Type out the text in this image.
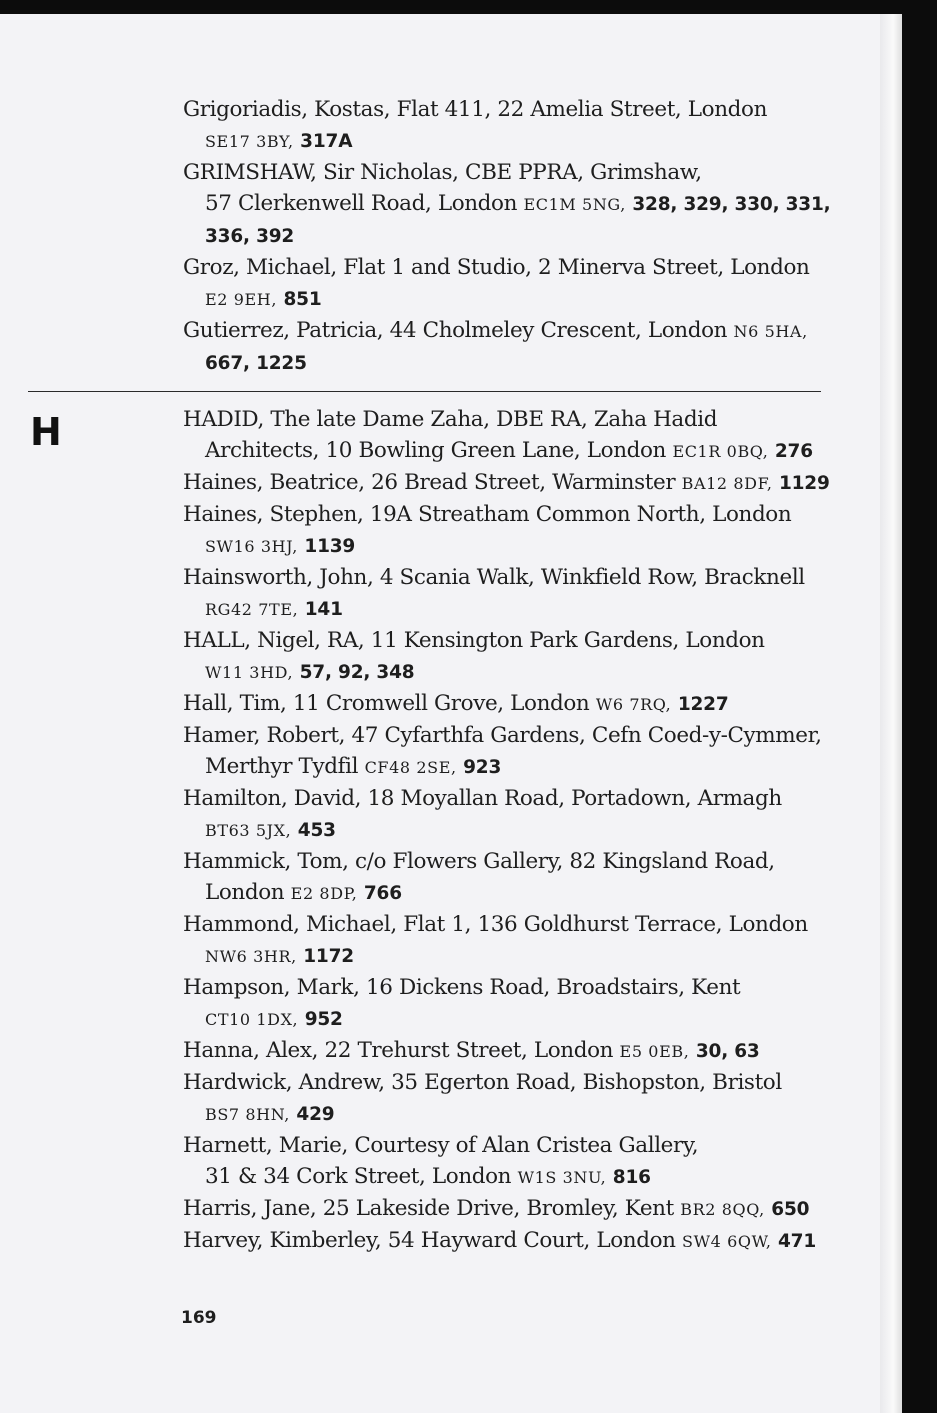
H
Grigoriadis, Kostas, Flat 411, 22 Amelia Street, London
SE17 3BY, 317A
GRIMSHAW, Sir Nicholas, CBE PPRA, Grimshaw,
57 Clerkenwell Road, London EC1M 5NG, 328, 329, 330, 331,
336, 392
Groz, Michael, Flat 1 and Studio, 2 Minerva Street, London
E2 9EH, 851
Gutierrez, Patricia, 44 Cholmeley Crescent, London N6 5HA,
667, 1225
HADID, The late Dame Zaha, DBE RA, Zaha Hadid
Architects, 10 Bowling Green Lane, London EC1R 0BQ, 276
Haines, Beatrice, 26 Bread Street, Warminster BA12 8DF, 1129
Haines, Stephen, 19A Streatham Common North, London
SW16 3HJ, 1139
Hainsworth, John, 4 Scania Walk, Winkfield Row, Bracknell
RG42 7TE, 141
HALL, Nigel, RA, 11 Kensington Park Gardens, London
W11 3HD, 57, 92, 348
Hall, Tim, 11 Cromwell Grove, London W6 7RQ, 1227
Hamer, Robert, 47 Cyfarthfa Gardens, Cefn Coed-y-Cymmer,
Merthyr Tydfil CF48 2SE, 923
Hamilton, David, 18 Moyallan Road, Portadown, Armagh
BT63 5JX, 453
Hammick, Tom, c/o Flowers Gallery, 82 Kingsland Road,
London E2 8DP, 766
Hammond, Michael, Flat 1, 136 Goldhurst Terrace, London
NW6 3HR, 1172
Hampson, Mark, 16 Dickens Road, Broadstairs, Kent
CT10 1DX, 952
Hanna, Alex, 22 Trehurst Street, London E5 0EB, 30, 63
Hardwick, Andrew, 35 Egerton Road, Bishopston, Bristol
BS7 8HN, 429
Harnett, Marie, Courtesy of Alan Cristea Gallery,
31 & 34 Cork Street, London W1S 3NU, 816
Harris, Jane, 25 Lakeside Drive, Bromley, Kent BR2 8QQ, 650
Harvey, Kimberley, 54 Hayward Court, London SW4 6QW, 471
169
